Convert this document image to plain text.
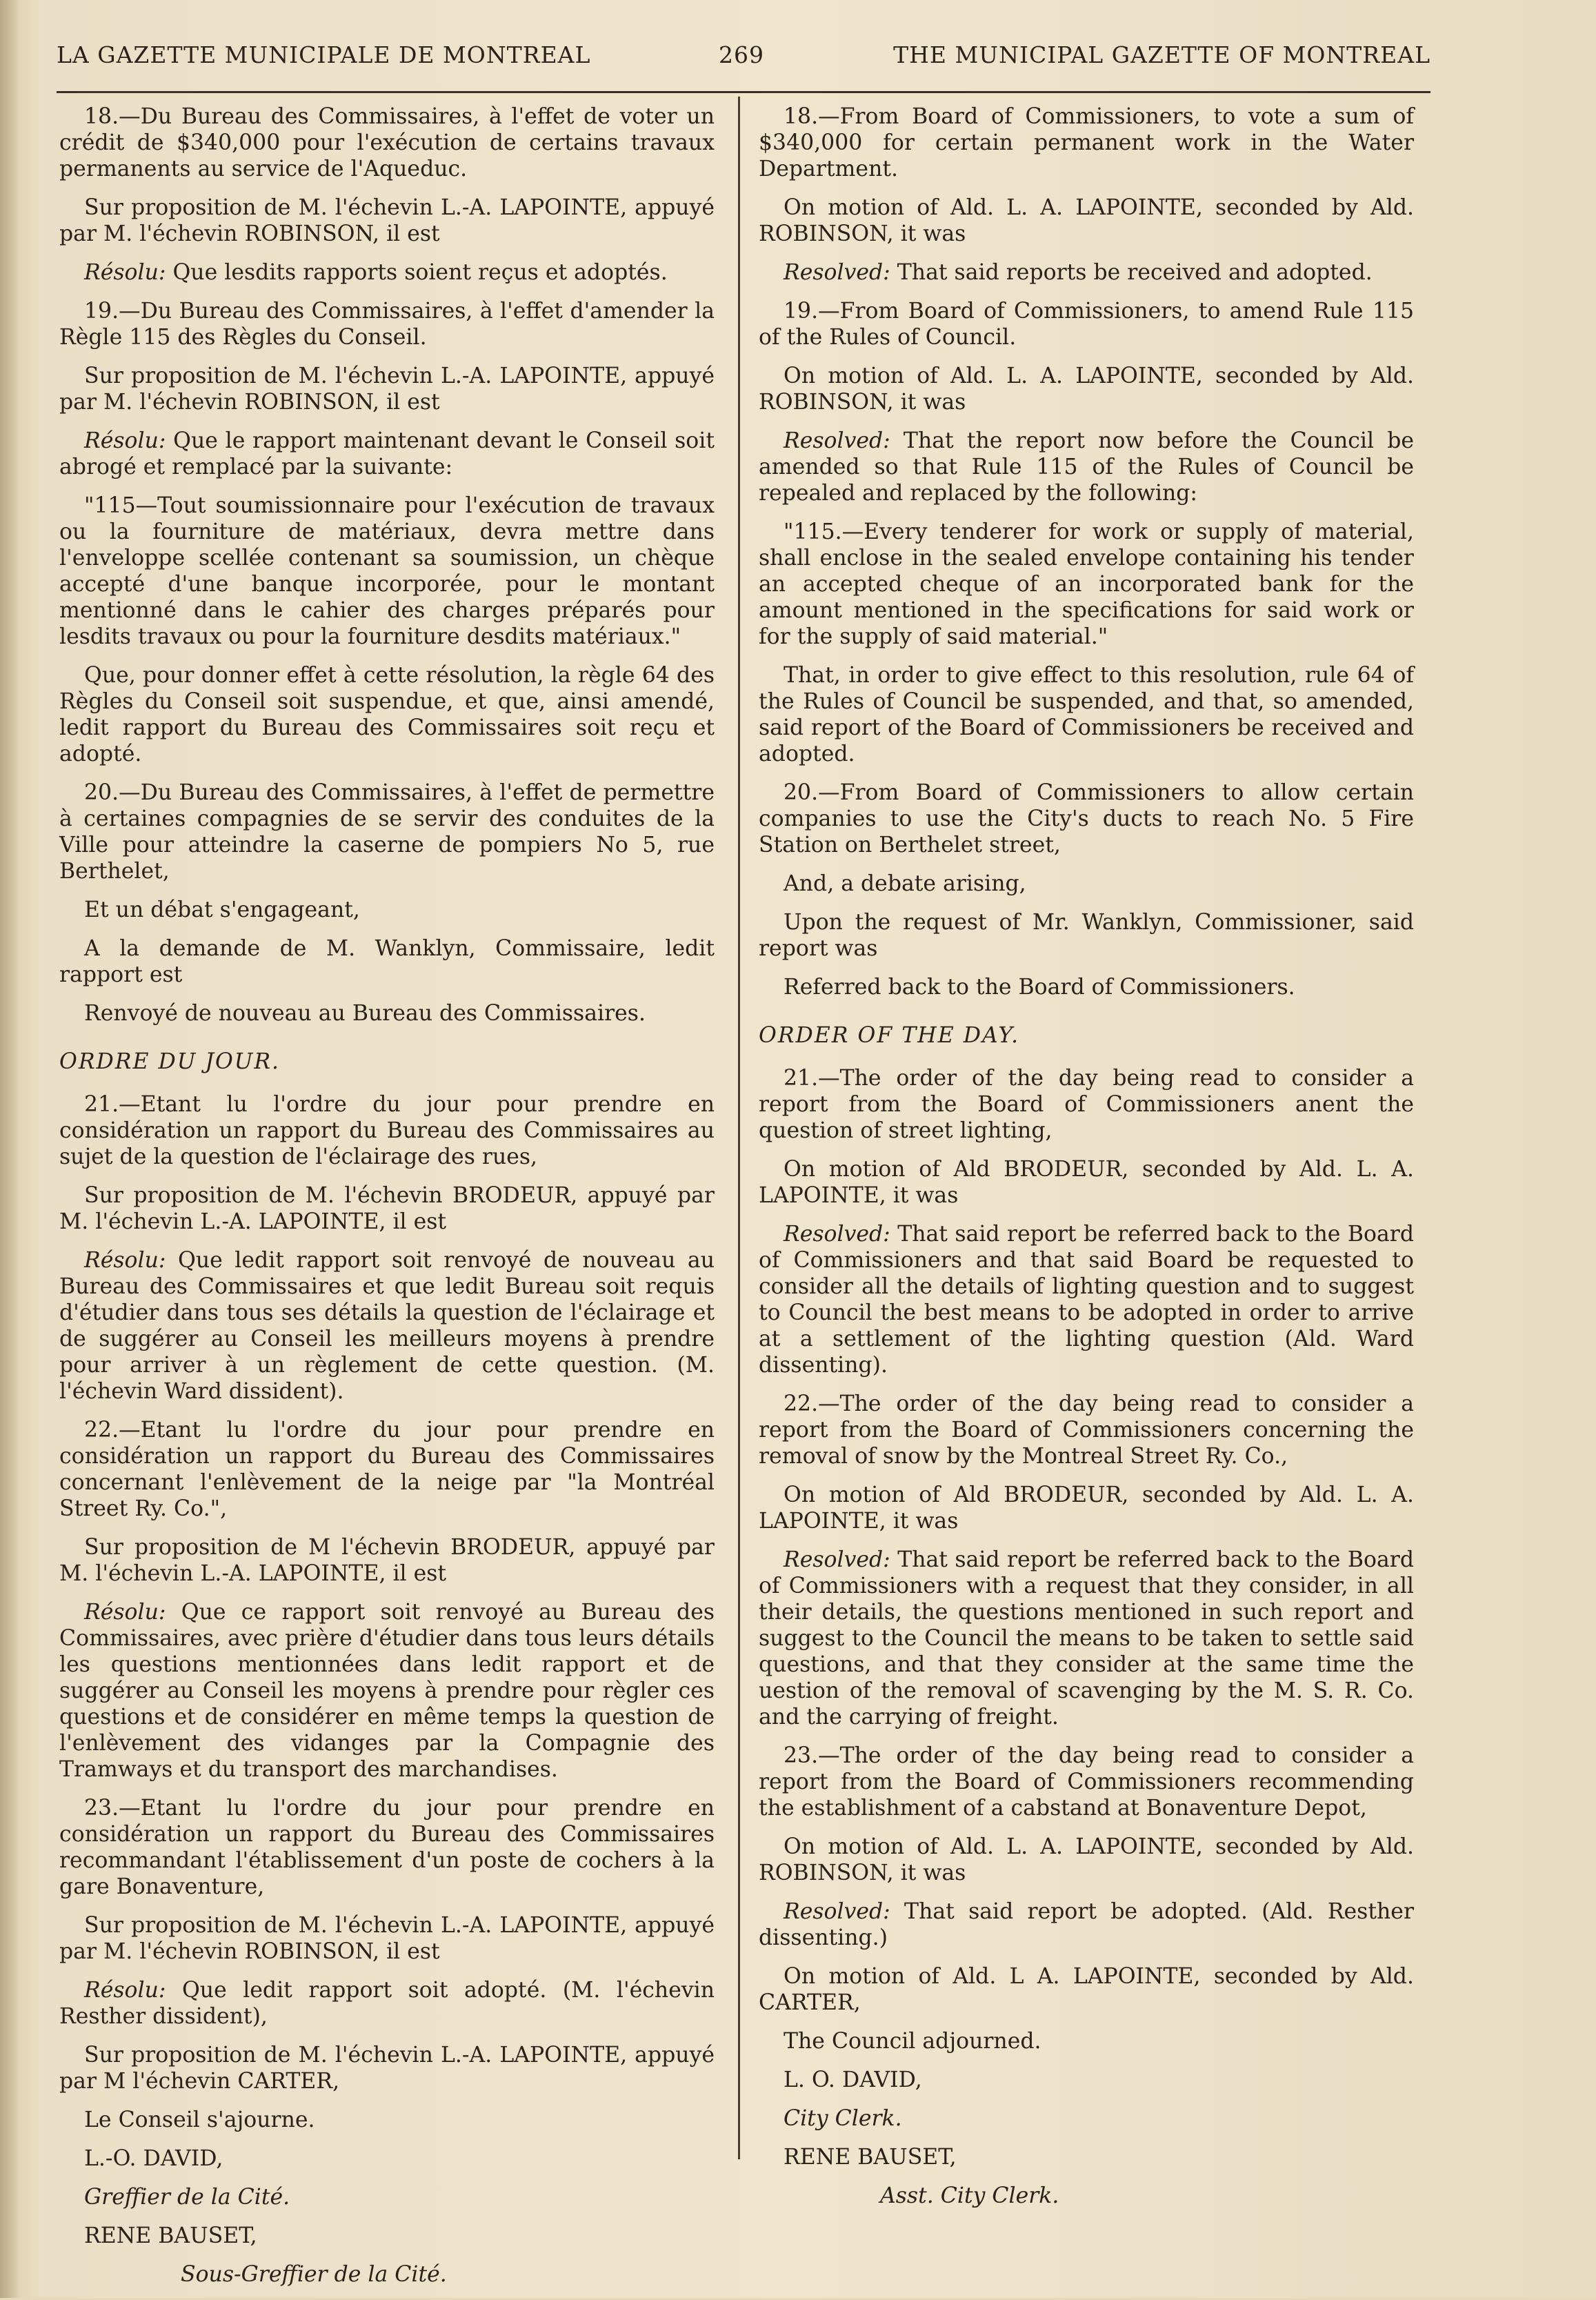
LA GAZETTE MUNICIPALE DE MONTREAL	269	THE MUNICIPAL GAZETTE OF MONTREAL

18.—Du Bureau des Commissaires, à l'effet de voter un crédit de $340,000 pour l'exécution de certains travaux permanents au service de l'Aqueduc.

Sur proposition de M. l'échevin L.-A. LAPOINTE, appuyé par M. l'échevin ROBINSON, il est

Résolu: Que lesdits rapports soient reçus et adoptés.

19.—Du Bureau des Commissaires, à l'effet d'amender la Règle 115 des Règles du Conseil.

Sur proposition de M. l'échevin L.-A. LAPOINTE, appuyé par M. l'échevin ROBINSON, il est

Résolu: Que le rapport maintenant devant le Conseil soit abrogé et remplacé par la suivante:

"115—Tout soumissionnaire pour l'exécution de travaux ou la fourniture de matériaux, devra mettre dans l'enveloppe scellée contenant sa soumission, un chèque accepté d'une banque incorporée, pour le montant mentionné dans le cahier des charges préparés pour lesdits travaux ou pour la fourniture desdits matériaux."

Que, pour donner effet à cette résolution, la règle 64 des Règles du Conseil soit suspendue, et que, ainsi amendé, ledit rapport du Bureau des Commissaires soit reçu et adopté.

20.—Du Bureau des Commissaires, à l'effet de permettre à certaines compagnies de se servir des conduites de la Ville pour atteindre la caserne de pompiers No 5, rue Berthelet,

Et un débat s'engageant,

A la demande de M. Wanklyn, Commissaire, ledit rapport est

Renvoyé de nouveau au Bureau des Commissaires.

ORDRE DU JOUR.

21.—Etant lu l'ordre du jour pour prendre en considération un rapport du Bureau des Commissaires au sujet de la question de l'éclairage des rues,

Sur proposition de M. l'échevin BRODEUR, appuyé par M. l'échevin L.-A. LAPOINTE, il est

Résolu: Que ledit rapport soit renvoyé de nouveau au Bureau des Commissaires et que ledit Bureau soit requis d'étudier dans tous ses détails la question de l'éclairage et de suggérer au Conseil les meilleurs moyens à prendre pour arriver à un règlement de cette question. (M. l'échevin Ward dissident).

22.—Etant lu l'ordre du jour pour prendre en considération un rapport du Bureau des Commissaires concernant l'enlèvement de la neige par "la Montréal Street Ry. Co.",

Sur proposition de M l'échevin BRODEUR, appuyé par M. l'échevin L.-A. LAPOINTE, il est

Résolu: Que ce rapport soit renvoyé au Bureau des Commissaires, avec prière d'étudier dans tous leurs détails les questions mentionnées dans ledit rapport et de suggérer au Conseil les moyens à prendre pour règler ces questions et de considérer en même temps la question de l'enlèvement des vidanges par la Compagnie des Tramways et du transport des marchandises.

23.—Etant lu l'ordre du jour pour prendre en considération un rapport du Bureau des Commissaires recommandant l'établissement d'un poste de cochers à la gare Bonaventure,

Sur proposition de M. l'échevin L.-A. LAPOINTE, appuyé par M. l'échevin ROBINSON, il est

Résolu: Que ledit rapport soit adopté. (M. l'échevin Resther dissident),

Sur proposition de M. l'échevin L.-A. LAPOINTE, appuyé par M l'échevin CARTER,

Le Conseil s'ajourne.

L.-O. DAVID,

Greffier de la Cité.

RENE BAUSET,

Sous-Greffier de la Cité.

18.—From Board of Commissioners, to vote a sum of $340,000 for certain permanent work in the Water Department.

On motion of Ald. L. A. LAPOINTE, seconded by Ald. ROBINSON, it was

Resolved: That said reports be received and adopted.

19.—From Board of Commissioners, to amend Rule 115 of the Rules of Council.

On motion of Ald. L. A. LAPOINTE, seconded by Ald. ROBINSON, it was

Resolved: That the report now before the Council be amended so that Rule 115 of the Rules of Council be repealed and replaced by the following:

"115.—Every tenderer for work or supply of material, shall enclose in the sealed envelope containing his tender an accepted cheque of an incorporated bank for the amount mentioned in the specifications for said work or for the supply of said material."

That, in order to give effect to this resolution, rule 64 of the Rules of Council be suspended, and that, so amended, said report of the Board of Commissioners be received and adopted.

20.—From Board of Commissioners to allow certain companies to use the City's ducts to reach No. 5 Fire Station on Berthelet street,

And, a debate arising,

Upon the request of Mr. Wanklyn, Commissioner, said report was

Referred back to the Board of Commissioners.

ORDER OF THE DAY.

21.—The order of the day being read to consider a report from the Board of Commissioners anent the question of street lighting,

On motion of Ald BRODEUR, seconded by Ald. L. A. LAPOINTE, it was

Resolved: That said report be referred back to the Board of Commissioners and that said Board be requested to consider all the details of lighting question and to suggest to Council the best means to be adopted in order to arrive at a settlement of the lighting question (Ald. Ward dissenting).

22.—The order of the day being read to consider a report from the Board of Commissioners concerning the removal of snow by the Montreal Street Ry. Co.,

On motion of Ald BRODEUR, seconded by Ald. L. A. LAPOINTE, it was

Resolved: That said report be referred back to the Board of Commissioners with a request that they consider, in all their details, the questions mentioned in such report and suggest to the Council the means to be taken to settle said questions, and that they consider at the same time the uestion of the removal of scavenging by the M. S. R. Co. and the carrying of freight.

23.—The order of the day being read to consider a report from the Board of Commissioners recommending the establishment of a cabstand at Bonaventure Depot,

On motion of Ald. L. A. LAPOINTE, seconded by Ald. ROBINSON, it was

Resolved: That said report be adopted. (Ald. Resther dissenting.)

On motion of Ald. L A. LAPOINTE, seconded by Ald. CARTER,

The Council adjourned.

L. O. DAVID,

City Clerk.

RENE BAUSET,

Asst. City Clerk.
